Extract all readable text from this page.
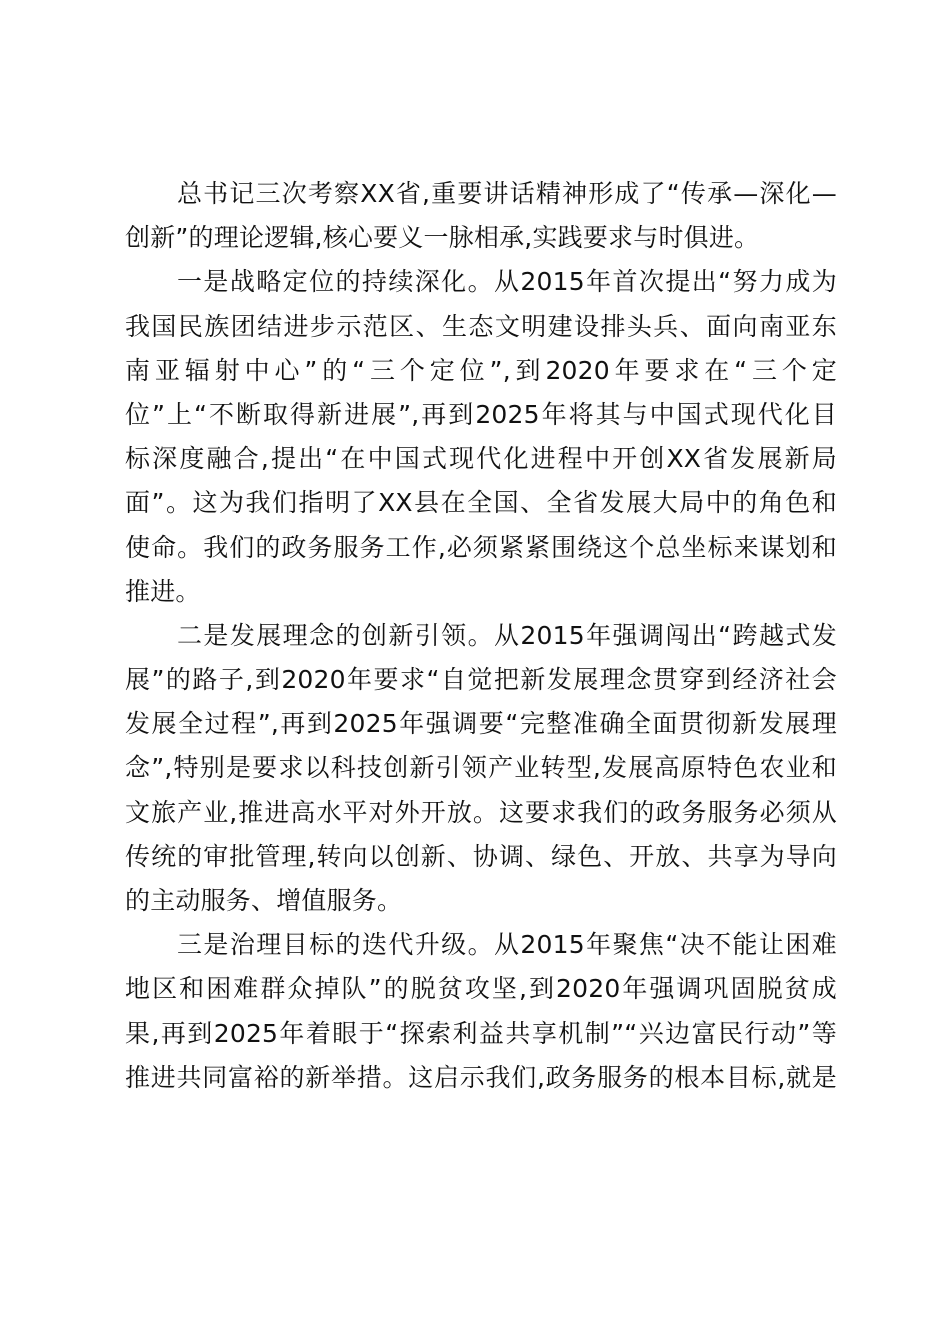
总书记三次考察XX省,重要讲话精神形成了“传承—深化—
创新”的理论逻辑,核心要义一脉相承,实践要求与时俱进。
一是战略定位的持续深化。从2015年首次提出“努力成为
我国民族团结进步示范区、生态文明建设排头兵、面向南亚东
南亚辐射中心”的“三个定位”,到2020年要求在“三个定
位”上“不断取得新进展”,再到2025年将其与中国式现代化目
标深度融合,提出“在中国式现代化进程中开创XX省发展新局
面”。这为我们指明了XX县在全国、全省发展大局中的角色和
使命。我们的政务服务工作,必须紧紧围绕这个总坐标来谋划和
推进。
二是发展理念的创新引领。从2015年强调闯出“跨越式发
展”的路子,到2020年要求“自觉把新发展理念贯穿到经济社会
发展全过程”,再到2025年强调要“完整准确全面贯彻新发展理
念”,特别是要求以科技创新引领产业转型,发展高原特色农业和
文旅产业,推进高水平对外开放。这要求我们的政务服务必须从
传统的审批管理,转向以创新、协调、绿色、开放、共享为导向
的主动服务、增值服务。
三是治理目标的迭代升级。从2015年聚焦“决不能让困难
地区和困难群众掉队”的脱贫攻坚,到2020年强调巩固脱贫成
果,再到2025年着眼于“探索利益共享机制”“兴边富民行动”等
推进共同富裕的新举措。这启示我们,政务服务的根本目标,就是
